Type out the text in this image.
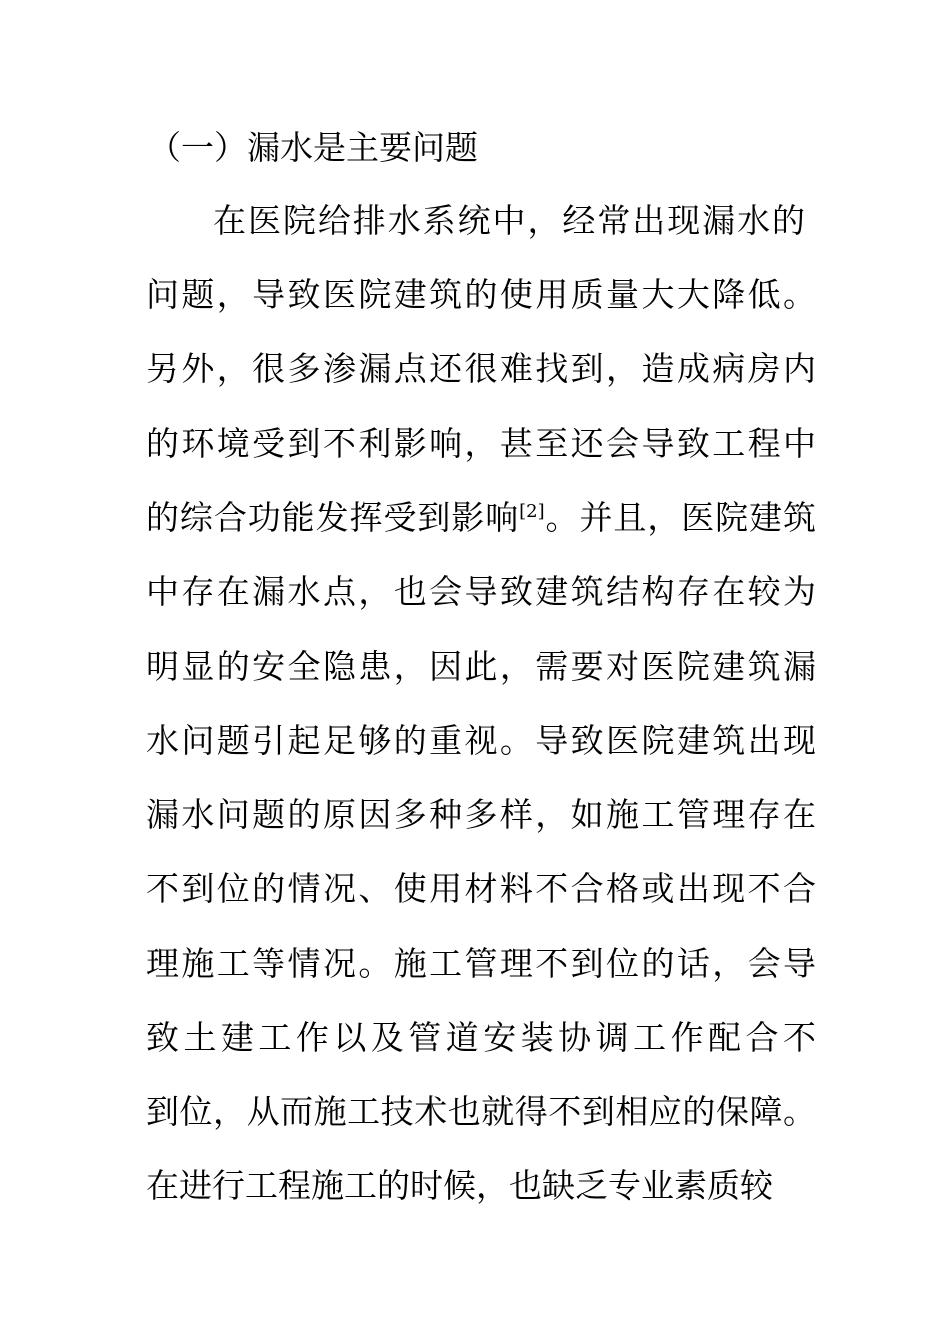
（一）漏水是主要问题
在医院给排水系统中，经常出现漏水的
问题，导致医院建筑的使用质量大大降低。
另外，很多渗漏点还很难找到，造成病房内
的环境受到不利影响，甚至还会导致工程中
的综合功能发挥受到影响[2]。并且，医院建筑
中存在漏水点，也会导致建筑结构存在较为
明显的安全隐患，因此，需要对医院建筑漏
水问题引起足够的重视。导致医院建筑出现
漏水问题的原因多种多样，如施工管理存在
不到位的情况、使用材料不合格或出现不合
理施工等情况。施工管理不到位的话，会导
致土建工作以及管道安装协调工作配合不
到位，从而施工技术也就得不到相应的保障。
在进行工程施工的时候，也缺乏专业素质较
